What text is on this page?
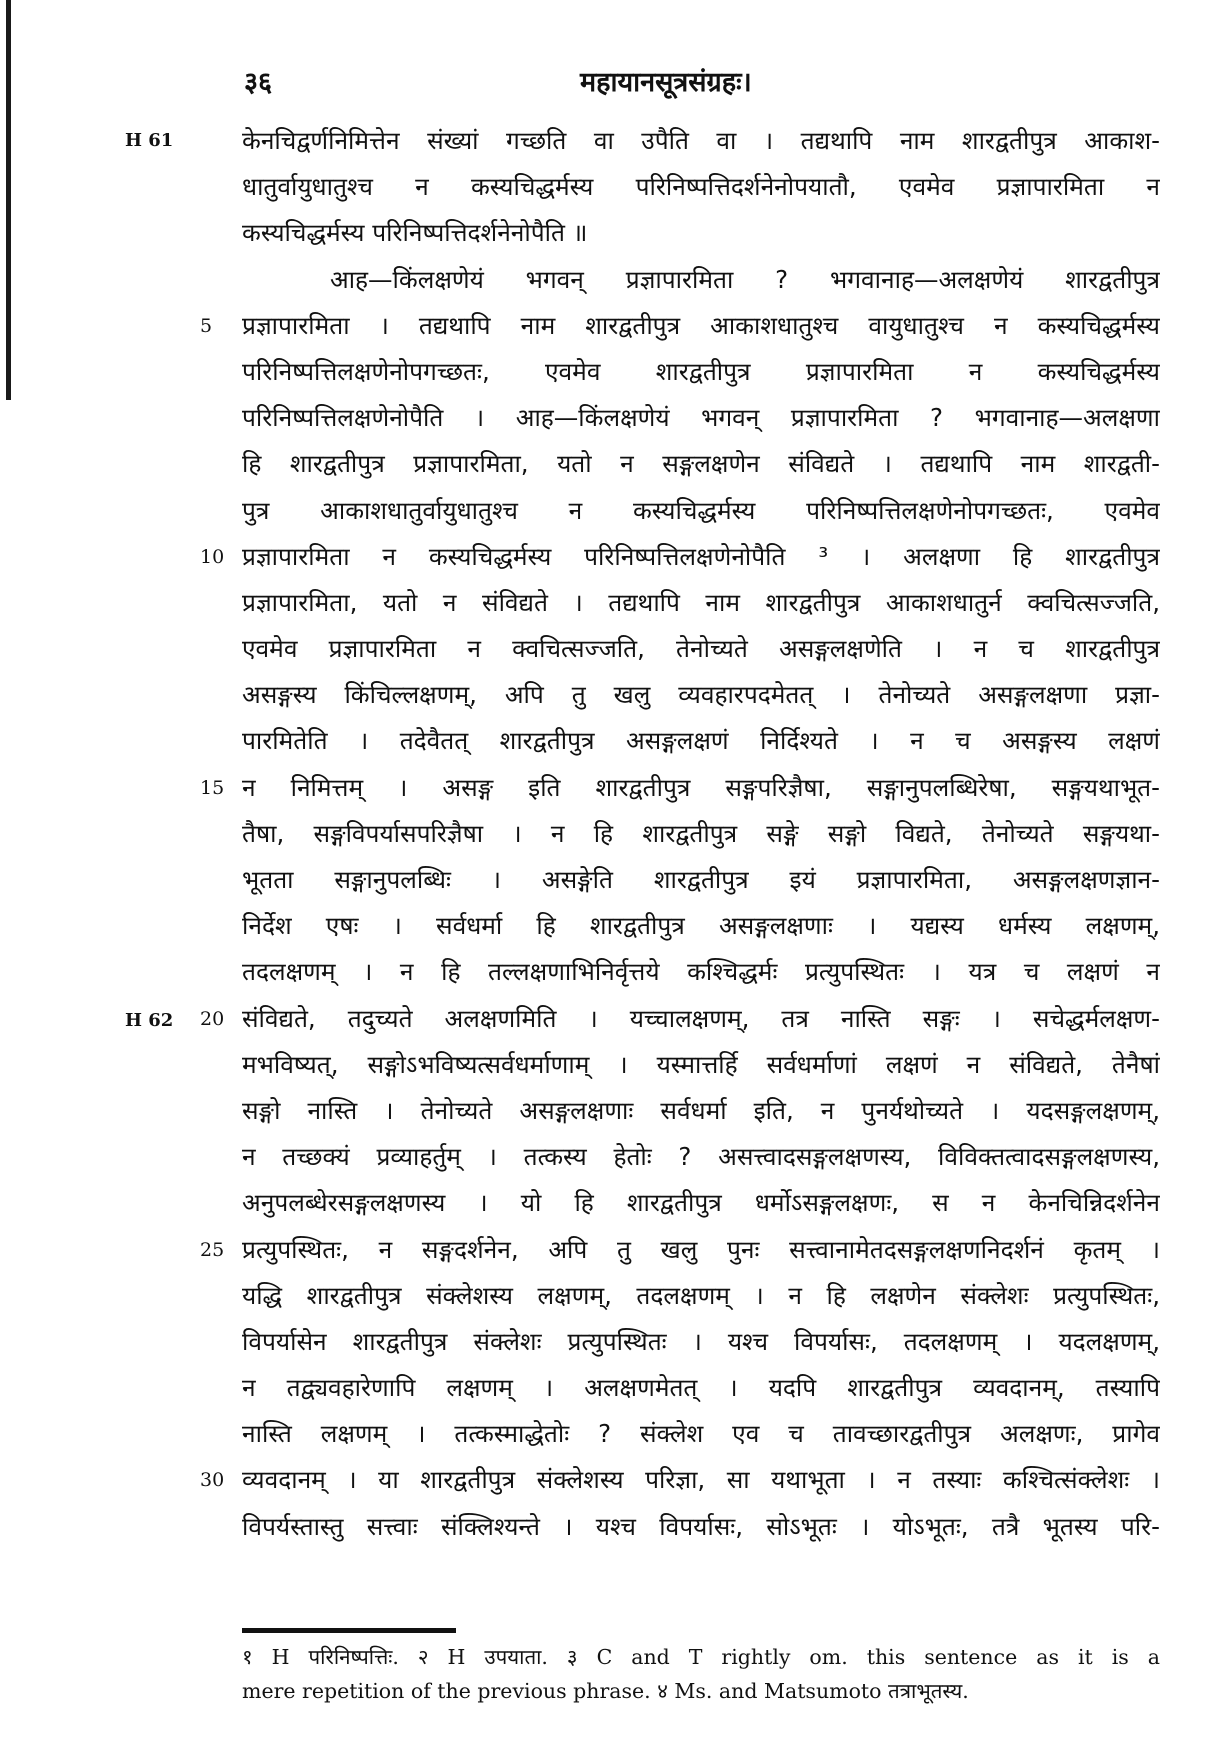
३६	महायानसूत्रसंग्रहः।
H 61
H 62
केनचिद्वर्णनिमित्तेन संख्यां गच्छति वा उपैति वा । तद्यथापि नाम शारद्वतीपुत्र आकाश-
धातुर्वायुधातुश्च न कस्यचिद्धर्मस्य परिनिष्पत्तिदर्शनेनोपयातौ, एवमेव प्रज्ञापारमिता न
कस्यचिद्धर्मस्य परिनिष्पत्तिदर्शनेनोपैति ॥
आह—किंलक्षणेयं भगवन् प्रज्ञापारमिता ? भगवानाह—अलक्षणेयं शारद्वतीपुत्र
5	प्रज्ञापारमिता । तद्यथापि नाम शारद्वतीपुत्र आकाशधातुश्च वायुधातुश्च न कस्यचिद्धर्मस्य
परिनिष्पत्तिलक्षणेनोपगच्छतः, एवमेव शारद्वतीपुत्र प्रज्ञापारमिता न कस्यचिद्धर्मस्य
परिनिष्पत्तिलक्षणेनोपैति । आह—किंलक्षणेयं भगवन् प्रज्ञापारमिता ? भगवानाह—अलक्षणा
हि शारद्वतीपुत्र प्रज्ञापारमिता, यतो न सङ्गलक्षणेन संविद्यते । तद्यथापि नाम शारद्वती-
पुत्र आकाशधातुर्वायुधातुश्च न कस्यचिद्धर्मस्य परिनिष्पत्तिलक्षणेनोपगच्छतः, एवमेव
10 प्रज्ञापारमिता न कस्यचिद्धर्मस्य परिनिष्पत्तिलक्षणेनोपैति ³ । अलक्षणा हि शारद्वतीपुत्र
प्रज्ञापारमिता, यतो न संविद्यते । तद्यथापि नाम शारद्वतीपुत्र आकाशधातुर्न क्वचित्सज्जति,
एवमेव प्रज्ञापारमिता न क्वचित्सज्जति, तेनोच्यते असङ्गलक्षणेति । न च शारद्वतीपुत्र
असङ्गस्य किंचिल्लक्षणम्, अपि तु खलु व्यवहारपदमेतत् । तेनोच्यते असङ्गलक्षणा प्रज्ञा-
पारमितेति । तदेवैतत् शारद्वतीपुत्र असङ्गलक्षणं निर्दिश्यते । न च असङ्गस्य लक्षणं
15 न निमित्तम् । असङ्ग इति शारद्वतीपुत्र सङ्गपरिज्ञैषा, सङ्गानुपलब्धिरेषा, सङ्गयथाभूत-
तैषा, सङ्गविपर्यासपरिज्ञैषा । न हि शारद्वतीपुत्र सङ्गे सङ्गो विद्यते, तेनोच्यते सङ्गयथा-
भूतता सङ्गानुपलब्धिः । असङ्गेति शारद्वतीपुत्र इयं प्रज्ञापारमिता, असङ्गलक्षणज्ञान-
निर्देश एषः । सर्वधर्मा हि शारद्वतीपुत्र असङ्गलक्षणाः । यद्यस्य धर्मस्य लक्षणम्,
तदलक्षणम् । न हि तल्लक्षणाभिनिर्वृत्तये कश्चिद्धर्मः प्रत्युपस्थितः । यत्र च लक्षणं न
20 संविद्यते, तदुच्यते अलक्षणमिति । यच्चालक्षणम्, तत्र नास्ति सङ्गः । सचेद्धर्मलक्षण-
मभविष्यत्, सङ्गोऽभविष्यत्सर्वधर्माणाम् । यस्मात्तर्हि सर्वधर्माणां लक्षणं न संविद्यते, तेनैषां
सङ्गो नास्ति । तेनोच्यते असङ्गलक्षणाः सर्वधर्मा इति, न पुनर्यथोच्यते । यदसङ्गलक्षणम्,
न तच्छक्यं प्रव्याहर्तुम् । तत्कस्य हेतोः ? असत्त्वादसङ्गलक्षणस्य, विविक्तत्वादसङ्गलक्षणस्य,
अनुपलब्धेरसङ्गलक्षणस्य । यो हि शारद्वतीपुत्र धर्मोऽसङ्गलक्षणः, स न केनचिन्निदर्शनेन
25 प्रत्युपस्थितः, न सङ्गदर्शनेन, अपि तु खलु पुनः सत्त्वानामेतदसङ्गलक्षणनिदर्शनं कृतम् ।
यद्धि शारद्वतीपुत्र संक्लेशस्य लक्षणम्, तदलक्षणम् । न हि लक्षणेन संक्लेशः प्रत्युपस्थितः,
विपर्यासेन शारद्वतीपुत्र संक्लेशः प्रत्युपस्थितः । यश्च विपर्यासः, तदलक्षणम् । यदलक्षणम्,
न तद्व्यवहारेणापि लक्षणम् । अलक्षणमेतत् । यदपि शारद्वतीपुत्र व्यवदानम्, तस्यापि
नास्ति लक्षणम् । तत्कस्माद्धेतोः ? संक्लेश एव च तावच्छारद्वतीपुत्र अलक्षणः, प्रागेव
30 व्यवदानम् । या शारद्वतीपुत्र संक्लेशस्य परिज्ञा, सा यथाभूता । न तस्याः कश्चित्संक्लेशः ।
विपर्यस्तास्तु सत्त्वाः संक्लिश्यन्ते । यश्च विपर्यासः, सोऽभूतः । योऽभूतः, तत्रै भूतस्य परि-
१ H परिनिष्पत्तिः. २ H उपयाता. ३ C and T rightly om. this sentence as it is a
mere repetition of the previous phrase. ४ Ms. and Matsumoto तत्राभूतस्य.
